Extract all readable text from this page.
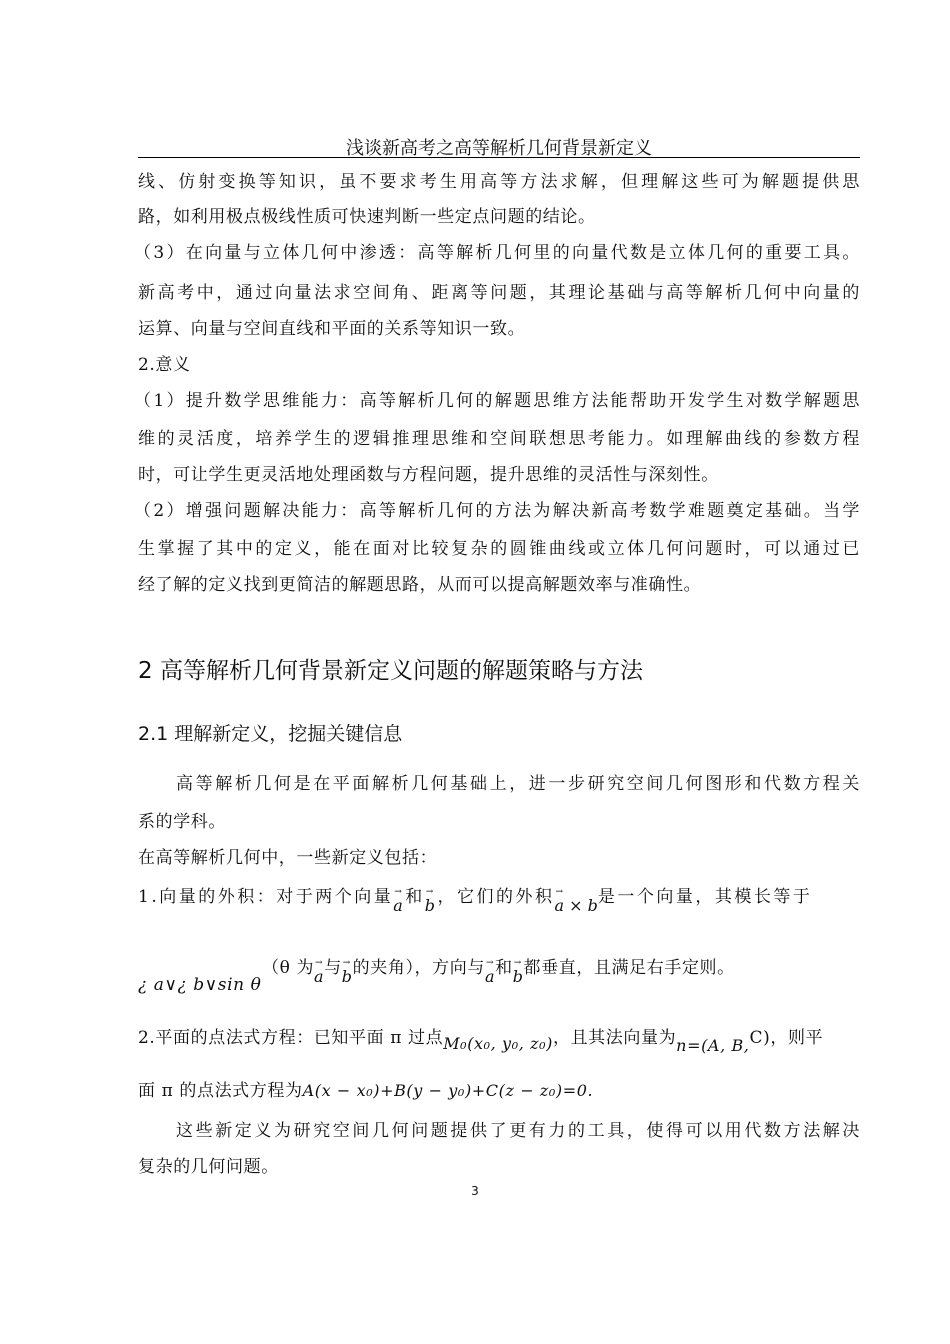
浅谈新高考之高等解析几何背景新定义
线、仿射变换等知识，虽不要求考生用高等方法求解，但理解这些可为解题提供思
路，如利用极点极线性质可快速判断一些定点问题的结论。
（3）在向量与立体几何中渗透：高等解析几何里的向量代数是立体几何的重要工具。
新高考中，通过向量法求空间角、距离等问题，其理论基础与高等解析几何中向量的
运算、向量与空间直线和平面的关系等知识一致。
2.意义
（1）提升数学思维能力：高等解析几何的解题思维方法能帮助开发学生对数学解题思
维的灵活度，培养学生的逻辑推理思维和空间联想思考能力。如理解曲线的参数方程
时，可让学生更灵活地处理函数与方程问题，提升思维的灵活性与深刻性。
（2）增强问题解决能力：高等解析几何的方法为解决新高考数学难题奠定基础。当学
生掌握了其中的定义，能在面对比较复杂的圆锥曲线或立体几何问题时，可以通过已
经了解的定义找到更简洁的解题思路，从而可以提高解题效率与准确性。
2 高等解析几何背景新定义问题的解题策略与方法
2.1 理解新定义，挖掘关键信息
高等解析几何是在平面解析几何基础上，进一步研究空间几何图形和代数方程关
系的学科。
在高等解析几何中，一些新定义包括：
1.向量的外积：对于两个向量→ a和→ b，它们的外积→ a × b是一个向量，其模长等于
¿ a∨¿ b∨sin θ
（θ 为→ a与→ b的夹角），方向与→ a和→ b都垂直，且满足右手定则。
2.平面的点法式方程：已知平面 π 过点M₀(x₀, y₀, z₀)，且其法向量为n=(A, B,C)，则平
面 π 的点法式方程为A(x − x₀)+B(y − y₀)+C(z − z₀)=0.
这些新定义为研究空间几何问题提供了更有力的工具，使得可以用代数方法解决
复杂的几何问题。
3
